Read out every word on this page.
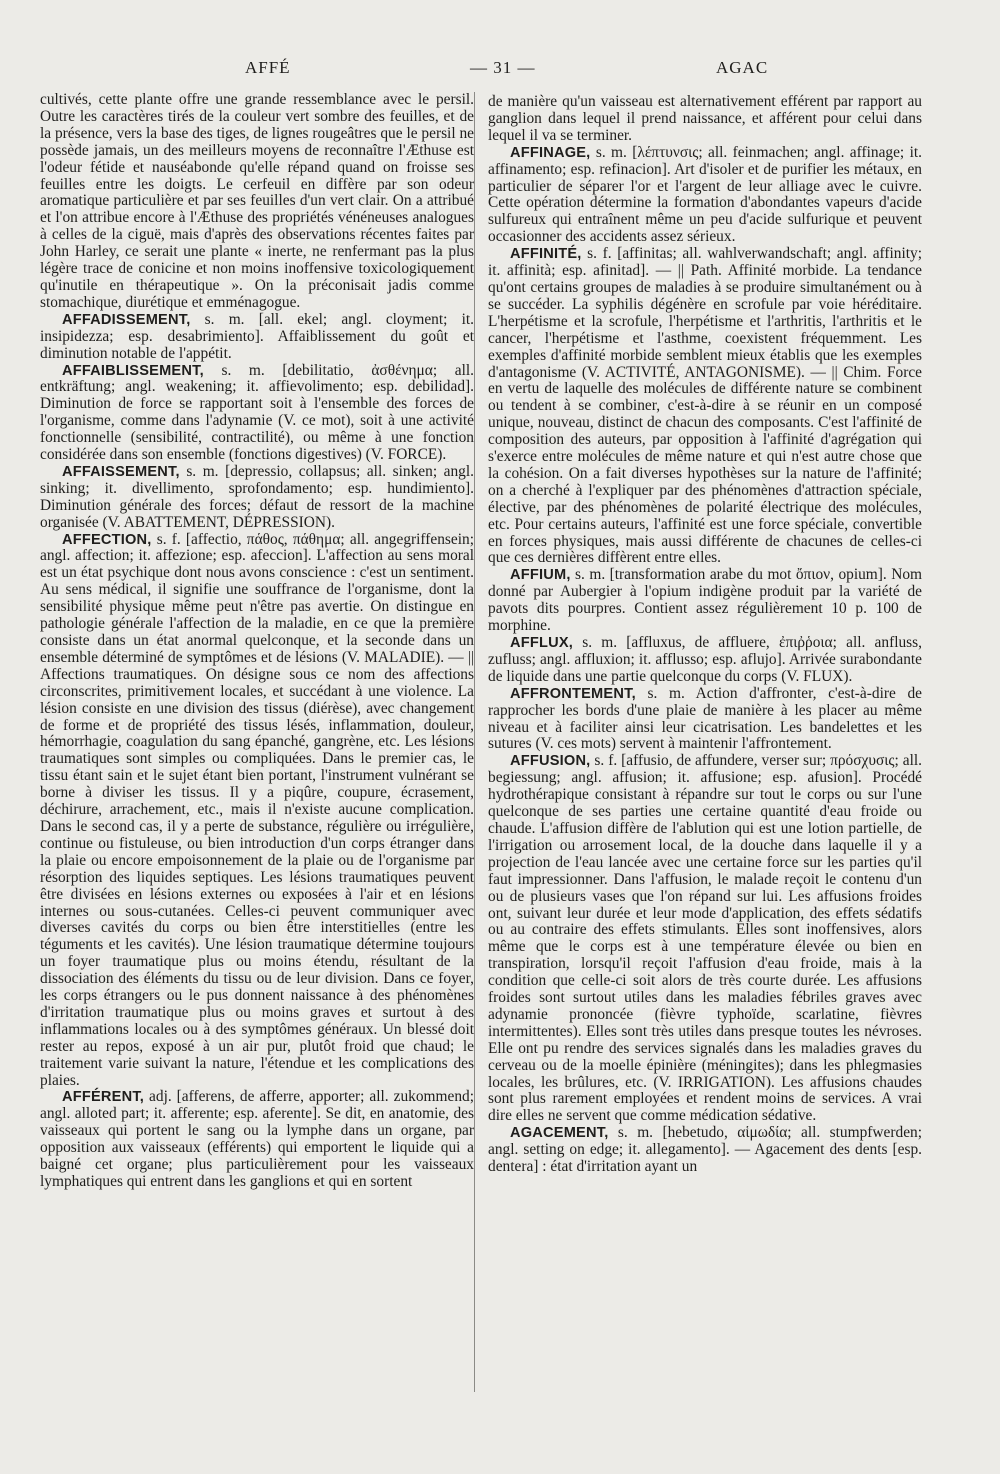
AFFÉ	— 31 —	AGAC

cultivés, cette plante offre une grande ressemblance avec le persil. Outre les caractères tirés de la couleur vert sombre des feuilles, et de la présence, vers la base des tiges, de lignes rougeâtres que le persil ne possède jamais, un des meilleurs moyens de reconnaître l'Æthuse est l'odeur fétide et nauséabonde qu'elle répand quand on froisse ses feuilles entre les doigts. Le cerfeuil en diffère par son odeur aromatique particulière et par ses feuilles d'un vert clair. On a attribué et l'on attribue encore à l'Æthuse des propriétés vénéneuses analogues à celles de la ciguë, mais d'après des observations récentes faites par John Harley, ce serait une plante « inerte, ne renfermant pas la plus légère trace de conicine et non moins inoffensive toxicologiquement qu'inutile en thérapeutique ». On la préconisait jadis comme stomachique, diurétique et emménagogue.

AFFADISSEMENT, s. m. [all. ekel; angl. cloyment; it. insipidezza; esp. desabrimiento]. Affaiblissement du goût et diminution notable de l'appétit.

AFFAIBLISSEMENT, s. m. [debilitatio, ἀσθένημα; all. entkräftung; angl. weakening; it. affievolimento; esp. debilidad]. Diminution de force se rapportant soit à l'ensemble des forces de l'organisme, comme dans l'adynamie (V. ce mot), soit à une activité fonctionnelle (sensibilité, contractilité), ou même à une fonction considérée dans son ensemble (fonctions digestives) (V. FORCE).

AFFAISSEMENT, s. m. [depressio, collapsus; all. sinken; angl. sinking; it. divellimento, sprofondamento; esp. hundimiento]. Diminution générale des forces; défaut de ressort de la machine organisée (V. ABATTEMENT, DÉPRESSION).

AFFECTION, s. f. [affectio, πάθος, πάθημα; all. angegriffensein; angl. affection; it. affezione; esp. afeccion]. L'affection au sens moral est un état psychique dont nous avons conscience : c'est un sentiment. Au sens médical, il signifie une souffrance de l'organisme, dont la sensibilité physique même peut n'être pas avertie. On distingue en pathologie générale l'affection de la maladie, en ce que la première consiste dans un état anormal quelconque, et la seconde dans un ensemble déterminé de symptômes et de lésions (V. MALADIE). — || Affections traumatiques. On désigne sous ce nom des affections circonscrites, primitivement locales, et succédant à une violence. La lésion consiste en une division des tissus (diérèse), avec changement de forme et de propriété des tissus lésés, inflammation, douleur, hémorrhagie, coagulation du sang épanché, gangrène, etc. Les lésions traumatiques sont simples ou compliquées. Dans le premier cas, le tissu étant sain et le sujet étant bien portant, l'instrument vulnérant se borne à diviser les tissus. Il y a piqûre, coupure, écrasement, déchirure, arrachement, etc., mais il n'existe aucune complication. Dans le second cas, il y a perte de substance, régulière ou irrégulière, continue ou fistuleuse, ou bien introduction d'un corps étranger dans la plaie ou encore empoisonnement de la plaie ou de l'organisme par résorption des liquides septiques. Les lésions traumatiques peuvent être divisées en lésions externes ou exposées à l'air et en lésions internes ou sous-cutanées. Celles-ci peuvent communiquer avec diverses cavités du corps ou bien être interstitielles (entre les téguments et les cavités). Une lésion traumatique détermine toujours un foyer traumatique plus ou moins étendu, résultant de la dissociation des éléments du tissu ou de leur division. Dans ce foyer, les corps étrangers ou le pus donnent naissance à des phénomènes d'irritation traumatique plus ou moins graves et surtout à des inflammations locales ou à des symptômes généraux. Un blessé doit rester au repos, exposé à un air pur, plutôt froid que chaud; le traitement varie suivant la nature, l'étendue et les complications des plaies.

AFFÉRENT, adj. [afferens, de afferre, apporter; all. zukommend; angl. alloted part; it. afferente; esp. aferente]. Se dit, en anatomie, des vaisseaux qui portent le sang ou la lymphe dans un organe, par opposition aux vaisseaux (efférents) qui emportent le liquide qui a baigné cet organe; plus particulièrement pour les vaisseaux lymphatiques qui entrent dans les ganglions et qui en sortent

de manière qu'un vaisseau est alternativement efférent par rapport au ganglion dans lequel il prend naissance, et afférent pour celui dans lequel il va se terminer.

AFFINAGE, s. m. [λέπτυνσις; all. feinmachen; angl. affinage; it. affinamento; esp. refinacion]. Art d'isoler et de purifier les métaux, en particulier de séparer l'or et l'argent de leur alliage avec le cuivre. Cette opération détermine la formation d'abondantes vapeurs d'acide sulfureux qui entraînent même un peu d'acide sulfurique et peuvent occasionner des accidents assez sérieux.

AFFINITÉ, s. f. [affinitas; all. wahlverwandschaft; angl. affinity; it. affinità; esp. afinitad]. — || Path. Affinité morbide. La tendance qu'ont certains groupes de maladies à se produire simultanément ou à se succéder. La syphilis dégénère en scrofule par voie héréditaire. L'herpétisme et la scrofule, l'herpétisme et l'arthritis, l'arthritis et le cancer, l'herpétisme et l'asthme, coexistent fréquemment. Les exemples d'affinité morbide semblent mieux établis que les exemples d'antagonisme (V. ACTIVITÉ, ANTAGONISME). — || Chim. Force en vertu de laquelle des molécules de différente nature se combinent ou tendent à se combiner, c'est-à-dire à se réunir en un composé unique, nouveau, distinct de chacun des composants. C'est l'affinité de composition des auteurs, par opposition à l'affinité d'agrégation qui s'exerce entre molécules de même nature et qui n'est autre chose que la cohésion. On a fait diverses hypothèses sur la nature de l'affinité; on a cherché à l'expliquer par des phénomènes d'attraction spéciale, élective, par des phénomènes de polarité électrique des molécules, etc. Pour certains auteurs, l'affinité est une force spéciale, convertible en forces physiques, mais aussi différente de chacunes de celles-ci que ces dernières diffèrent entre elles.

AFFIUM, s. m. [transformation arabe du mot ὄπιον, opium]. Nom donné par Aubergier à l'opium indigène produit par la variété de pavots dits pourpres. Contient assez régulièrement 10 p. 100 de morphine.

AFFLUX, s. m. [affluxus, de affluere, ἐπιῤῥοια; all. anfluss, zufluss; angl. affluxion; it. afflusso; esp. aflujo]. Arrivée surabondante de liquide dans une partie quelconque du corps (V. FLUX).

AFFRONTEMENT, s. m. Action d'affronter, c'est-à-dire de rapprocher les bords d'une plaie de manière à les placer au même niveau et à faciliter ainsi leur cicatrisation. Les bandelettes et les sutures (V. ces mots) servent à maintenir l'affrontement.

AFFUSION, s. f. [affusio, de affundere, verser sur; πρόσχυσις; all. begiessung; angl. affusion; it. affusione; esp. afusion]. Procédé hydrothérapique consistant à répandre sur tout le corps ou sur l'une quelconque de ses parties une certaine quantité d'eau froide ou chaude. L'affusion diffère de l'ablution qui est une lotion partielle, de l'irrigation ou arrosement local, de la douche dans laquelle il y a projection de l'eau lancée avec une certaine force sur les parties qu'il faut impressionner. Dans l'affusion, le malade reçoit le contenu d'un ou de plusieurs vases que l'on répand sur lui. Les affusions froides ont, suivant leur durée et leur mode d'application, des effets sédatifs ou au contraire des effets stimulants. Elles sont inoffensives, alors même que le corps est à une température élevée ou bien en transpiration, lorsqu'il reçoit l'affusion d'eau froide, mais à la condition que celle-ci soit alors de très courte durée. Les affusions froides sont surtout utiles dans les maladies fébriles graves avec adynamie prononcée (fièvre typhoïde, scarlatine, fièvres intermittentes). Elles sont très utiles dans presque toutes les névroses. Elle ont pu rendre des services signalés dans les maladies graves du cerveau ou de la moelle épinière (méningites); dans les phlegmasies locales, les brûlures, etc. (V. IRRIGATION). Les affusions chaudes sont plus rarement employées et rendent moins de services. A vrai dire elles ne servent que comme médication sédative.

AGACEMENT, s. m. [hebetudo, αἱμωδία; all. stumpfwerden; angl. setting on edge; it. allegamento]. — Agacement des dents [esp. dentera] : état d'irritation ayant un
